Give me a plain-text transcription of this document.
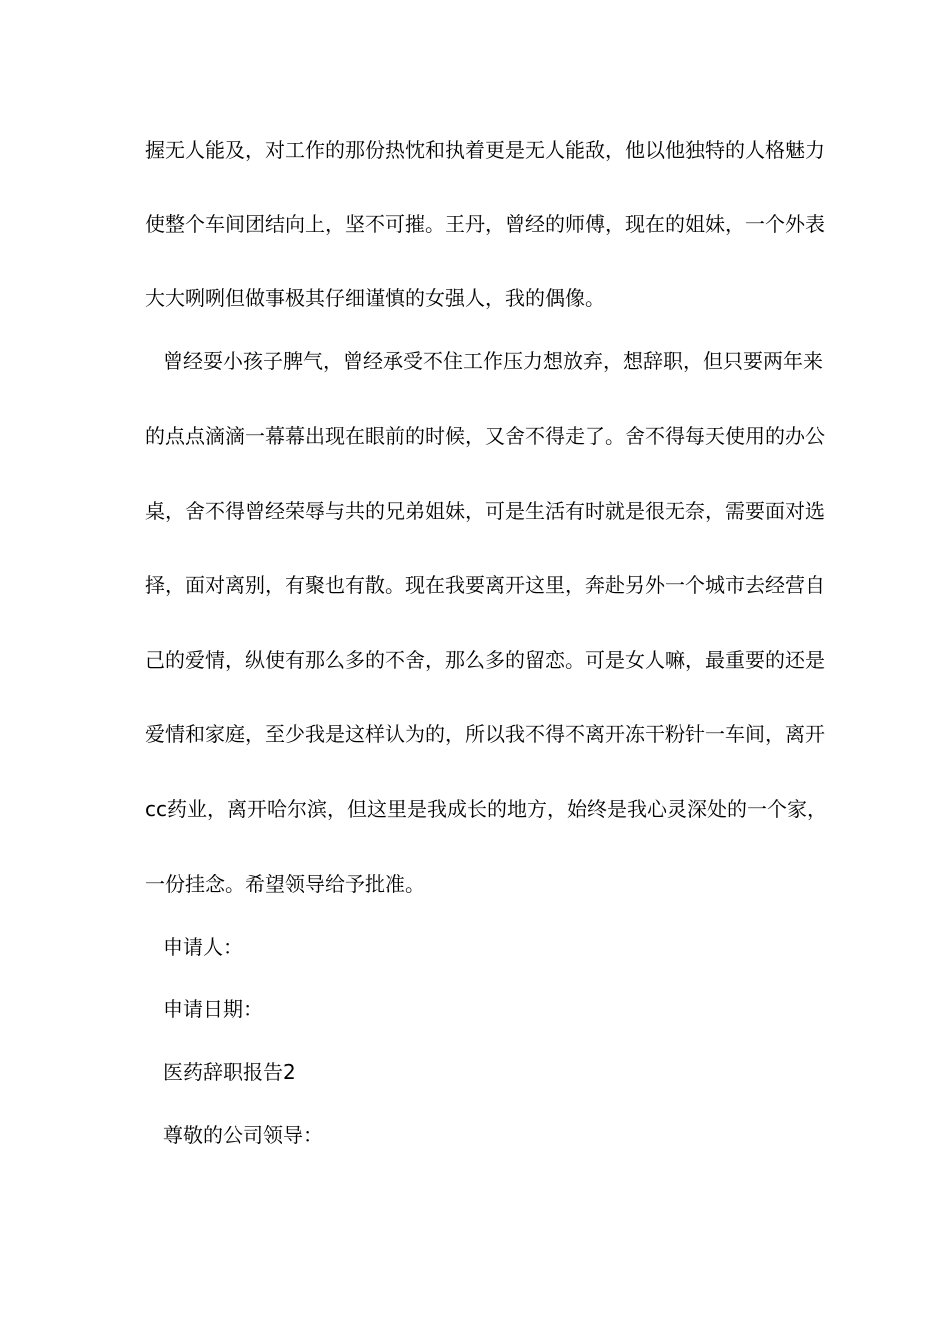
握无人能及，对工作的那份热忱和执着更是无人能敌，他以他独特的人格魅力
使整个车间团结向上，坚不可摧。王丹，曾经的师傅，现在的姐妹，一个外表
大大咧咧但做事极其仔细谨慎的女强人，我的偶像。
曾经耍小孩子脾气，曾经承受不住工作压力想放弃，想辞职，但只要两年来
的点点滴滴一幕幕出现在眼前的时候，又舍不得走了。舍不得每天使用的办公
桌，舍不得曾经荣辱与共的兄弟姐妹，可是生活有时就是很无奈，需要面对选
择，面对离别，有聚也有散。现在我要离开这里，奔赴另外一个城市去经营自
己的爱情，纵使有那么多的不舍，那么多的留恋。可是女人嘛，最重要的还是
爱情和家庭，至少我是这样认为的，所以我不得不离开冻干粉针一车间，离开
cc药业，离开哈尔滨，但这里是我成长的地方，始终是我心灵深处的一个家，
一份挂念。希望领导给予批准。
申请人：
申请日期：
医药辞职报告2
尊敬的公司领导：
